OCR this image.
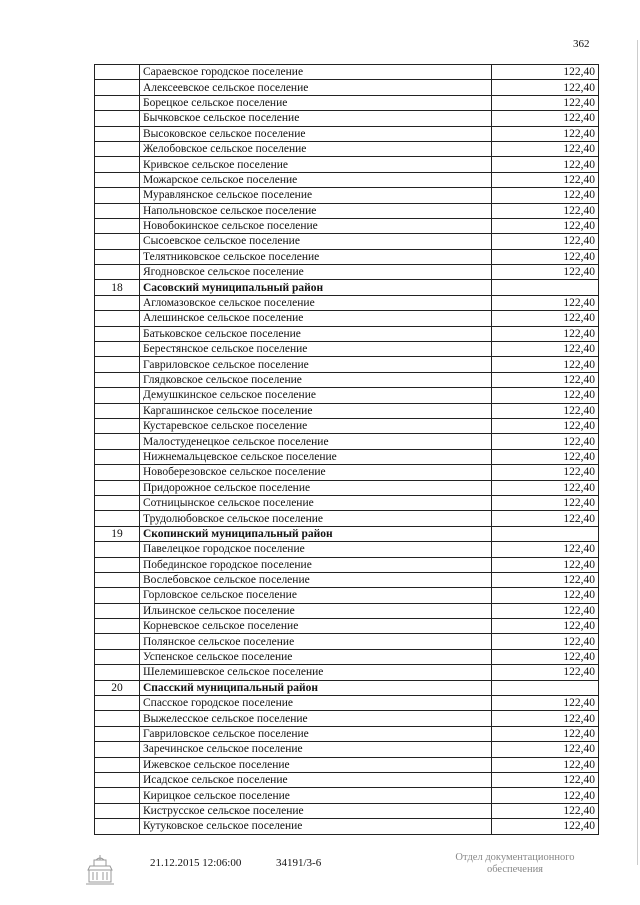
362
	Сараевское городское поселение	122,40
	Алексеевское сельское поселение	122,40
	Борецкое сельское поселение	122,40
	Бычковское сельское поселение	122,40
	Высоковское сельское поселение	122,40
	Желобовское сельское поселение	122,40
	Кривское сельское поселение	122,40
	Можарское сельское поселение	122,40
	Муравлянское сельское поселение	122,40
	Напольновское сельское поселение	122,40
	Новобокинское сельское поселение	122,40
	Сысоевское сельское поселение	122,40
	Телятниковское сельское поселение	122,40
	Ягодновское сельское поселение	122,40
18	Сасовский муниципальный район	
	Агломазовское сельское поселение	122,40
	Алешинское сельское поселение	122,40
	Батьковское сельское поселение	122,40
	Берестянское сельское поселение	122,40
	Гавриловское сельское поселение	122,40
	Глядковское сельское поселение	122,40
	Демушкинское сельское поселение	122,40
	Каргашинское сельское поселение	122,40
	Кустаревское сельское поселение	122,40
	Малостуденецкое сельское поселение	122,40
	Нижнемальцевское сельское поселение	122,40
	Новоберезовское сельское поселение	122,40
	Придорожное сельское поселение	122,40
	Сотницынское сельское поселение	122,40
	Трудолюбовское сельское поселение	122,40
19	Скопинский муниципальный район	
	Павелецкое городское поселение	122,40
	Побединское городское поселение	122,40
	Вослебовское сельское поселение	122,40
	Горловское сельское поселение	122,40
	Ильинское сельское поселение	122,40
	Корневское сельское поселение	122,40
	Полянское сельское поселение	122,40
	Успенское сельское поселение	122,40
	Шелемишевское сельское поселение	122,40
20	Спасский муниципальный район	
	Спасское городское поселение	122,40
	Выжелесское сельское поселение	122,40
	Гавриловское сельское поселение	122,40
	Заречинское сельское поселение	122,40
	Ижевское сельское поселение	122,40
	Исадское сельское поселение	122,40
	Кирицкое сельское поселение	122,40
	Киструсское сельское поселение	122,40
	Кутуковское сельское поселение	122,40
21.12.2015 12:06:00	34191/3-6	Отдел документационного
обеспечения
